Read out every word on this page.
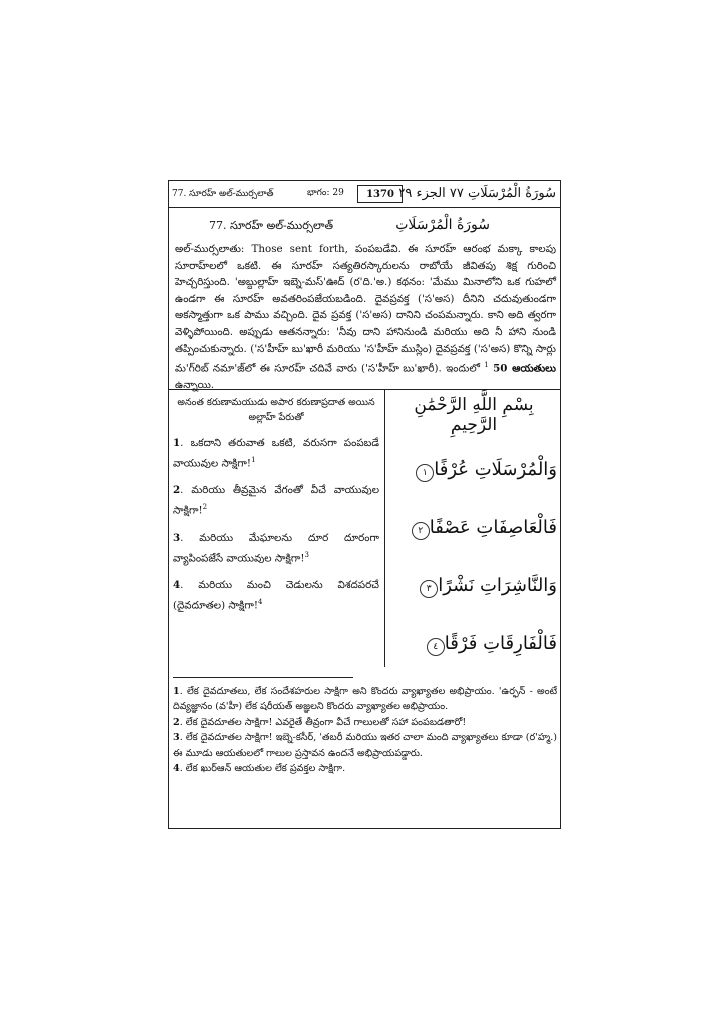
77. సూరహ్ అల్-ముర్సలాత్	భాగం: 29	1370 سُورَةُ الْمُرْسَلَاتِ ٧٧ الجزء ٢٩
77. సూరహ్ అల్-ముర్సలాత్	سُورَةُ الْمُرْسَلَاتِ
అల్-ముర్సలాతు: Those sent forth, పంపబడేవి. ఈ సూరహ్ ఆరంభ మక్కా కాలపు సూరాహ్‌లలో ఒకటి. ఈ సూరహ్ సత్యతిరస్కారులను రాబోయే జీవితపు శిక్ష గురించి హెచ్చరిస్తుంది. 'అబ్దుల్లాహ్ ఇబ్నె-మస్'ఊద్ (ర'ది.'అ.) కథనం: 'మేము మినాలోని ఒక గుహలో ఉండగా ఈ సూరహ్ అవతరింపజేయబడింది. దైవప్రవక్త ('స'అస) దీనిని చదువుతుండగా అకస్మాత్తుగా ఒక పాము వచ్చింది. దైవ ప్రవక్త ('స'అస) దానిని చంపమన్నారు. కాని అది త్వరగా వెళ్ళిపోయింది. అప్పుడు ఆతనన్నారు: 'నీవు దాని హానినుండి మరియు అది నీ హాని నుండి తప్పించుకున్నారు. ('స'హీహ్ బు'ఖారీ మరియు 'స'హీహ్ ముస్లిం) దైవప్రవక్త ('స'అస) కొన్ని సార్లు మ'గ్‌రిబ్ నమా'జ్‌లో ఈ సూరహ్ చదివే వారు ('స'హీహ్ బు'ఖారీ). ఇందులో $^1$ 50 ఆయతులు ఉన్నాయి.
అనంత కరుణామయుడు అపార కరుణాప్రదాత అయిన అల్లాహ్ పేరుతో
1. ఒకదాని తరువాత ఒకటి, వరుసగా పంపబడే వాయువుల సాక్షిగా!$^1$
2. మరియు తీవ్రమైన వేగంతో వీచే వాయువుల సాక్షిగా!$^2$
3. మరియు మేఘాలను దూర దూరంగా వ్యాపింపజేసే వాయువుల సాక్షిగా!$^3$
4. మరియు మంచి చెడులను విశదపరచే (దైవదూతల) సాక్షిగా!$^4$
بِسْمِ اللَّهِ الرَّحْمَٰنِ الرَّحِيمِ
وَالْمُرْسَلَاتِ عُرْفًا١
فَالْعَاصِفَاتِ عَصْفًا٢
وَالنَّاشِرَاتِ نَشْرًا٣
فَالْفَارِقَاتِ فَرْقًا٤
1. లేక దైవదూతలు, లేక సందేశహరుల సాక్షిగా అని కొందరు వ్యాఖ్యాతల అభిప్రాయం. 'ఉర్ఫన్ - అంటే దివ్యజ్ఞానం (వ'హీ) లేక షరీయత్ అజ్ఞలని కొందరు వ్యాఖ్యాతల అభిప్రాయం.
2. లేక దైవదూతల సాక్షిగా! ఎవరైతే తీవ్రంగా వీచే గాలులతో సహా పంపబడతారో!
3. లేక దైవదూతల సాక్షిగా! ఇబ్నె-కసీర్, 'తబరీ మరియు ఇతర చాలా మంది వ్యాఖ్యాతలు కూడా (ర'హ్మ.) ఈ మూడు ఆయతులలో గాలుల ప్రస్తావన ఉందనే అభిప్రాయపడ్డారు.
4. లేక ఖుర్ఆన్ ఆయతుల లేక ప్రవక్తల సాక్షిగా.
